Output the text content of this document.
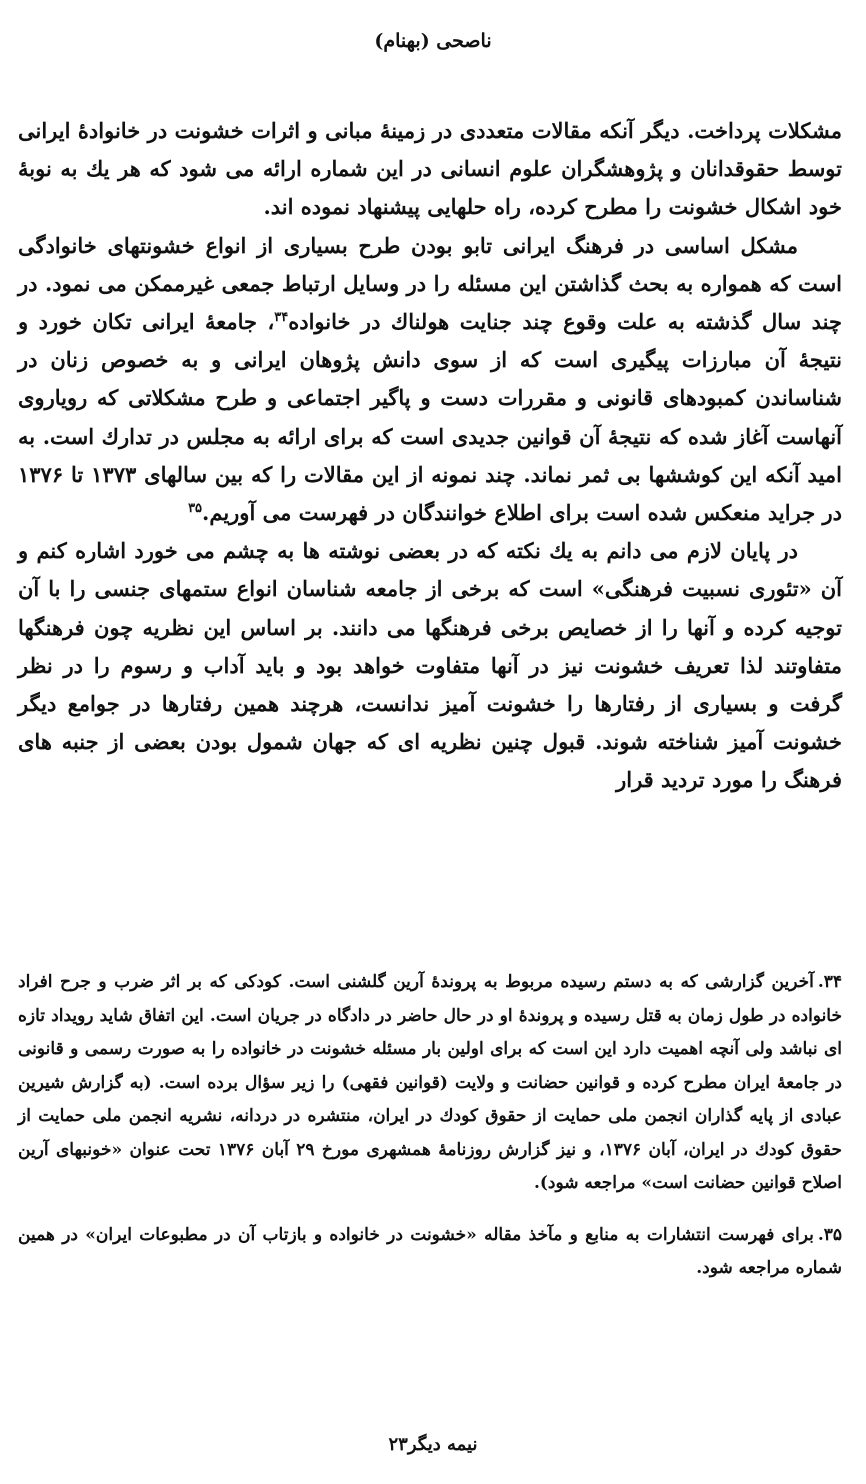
ناصحی (بهنام)

مشکلات پرداخت. دیگر آنکه مقالات متعددی در زمینهٔ مبانی و اثرات خشونت در خانوادهٔ ایرانی توسط حقوقدانان و پژوهشگران علوم انسانی در این شماره ارائه می شود که هر یك به نوبهٔ خود اشکال خشونت را مطرح کرده، راه حلهایی پیشنهاد نموده اند.

مشکل اساسی در فرهنگ ایرانی تابو بودن طرح بسیاری از انواع خشونتهای خانوادگی است که همواره به بحث گذاشتن این مسئله را در وسایل ارتباط جمعی غیرممکن می نمود. در چند سال گذشته به علت وقوع چند جنایت هولناك در خانواده$^{۳۴}$، جامعهٔ ایرانی تکان خورد و نتیجهٔ آن مبارزات پیگیری است که از سوی دانش پژوهان ایرانی و به خصوص زنان در شناساندن کمبودهای قانونی و مقررات دست و پاگیر اجتماعی و طرح مشکلاتی که رویاروی آنهاست آغاز شده که نتیجهٔ آن قوانین جدیدی است که برای ارائه به مجلس در تدارك است. به امید آنکه این کوششها بی ثمر نماند. چند نمونه از این مقالات را که بین سالهای ۱۳۷۳ تا ۱۳۷۶ در جراید منعکس شده است برای اطلاع خوانندگان در فهرست می آوریم.$^{۳۵}$

در پایان لازم می دانم به یك نکته که در بعضی نوشته ها به چشم می خورد اشاره کنم و آن «تئوری نسبیت فرهنگی» است که برخی از جامعه شناسان انواع ستمهای جنسی را با آن توجیه کرده و آنها را از خصایص برخی فرهنگها می دانند. بر اساس این نظریه چون فرهنگها متفاوتند لذا تعریف خشونت نیز در آنها متفاوت خواهد بود و باید آداب و رسوم را در نظر گرفت و بسیاری از رفتارها را خشونت آمیز ندانست، هرچند همین رفتارها در جوامع دیگر خشونت آمیز شناخته شوند. قبول چنین نظریه ای که جهان شمول بودن بعضی از جنبه های فرهنگ را مورد تردید قرار

۳۴.آخرین گزارشی که به دستم رسیده مربوط به پروندهٔ آرین گلشنی است. کودکی که بر اثر ضرب و جرح افراد خانواده در طول زمان به قتل رسیده و پروندهٔ او در حال حاضر در دادگاه در جریان است. این اتفاق شاید رویداد تازه ای نباشد ولی آنچه اهمیت دارد این است که برای اولین بار مسئله خشونت در خانواده را به صورت رسمی و قانونی در جامعهٔ ایران مطرح کرده و قوانین حضانت و ولایت (قوانین فقهی) را زیر سؤال برده است. (به گزارش شیرین عبادی از پایه گذاران انجمن ملی حمایت از حقوق کودك در ایران، منتشره در دردانه، نشریه انجمن ملی حمایت از حقوق کودك در ایران، آبان ۱۳۷۶، و نیز گزارش روزنامهٔ همشهری مورخ ۲۹ آبان ۱۳۷۶ تحت عنوان «خونبهای آرین اصلاح قوانین حضانت است» مراجعه شود).

۳۵.برای فهرست انتشارات به منابع و مآخذ مقاله «خشونت در خانواده و بازتاب آن در مطبوعات ایران» در همین شماره مراجعه شود.

نیمه دیگر۲۳
